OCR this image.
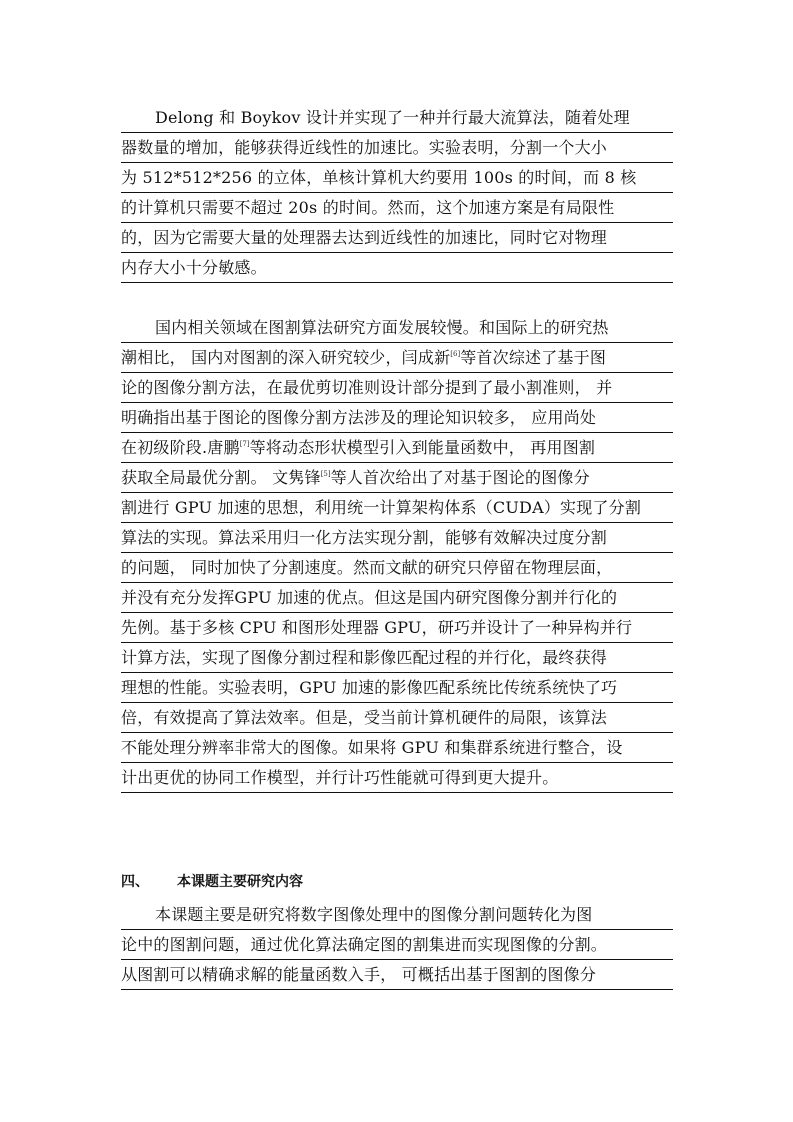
Delong 和 Boykov 设计并实现了一种并行最大流算法，随着处理
器数量的增加，能够获得近线性的加速比。实验表明，分割一个大小
为 512*512*256 的立体，单核计算机大约要用 100s 的时间，而 8 核
的计算机只需要不超过 20s 的时间。然而，这个加速方案是有局限性
的，因为它需要大量的处理器去达到近线性的加速比，同时它对物理
内存大小十分敏感。
国内相关领域在图割算法研究方面发展较慢。和国际上的研究热
潮相比， 国内对图割的深入研究较少，闫成新[6]等首次综述了基于图
论的图像分割方法，在最优剪切准则设计部分提到了最小割准则， 并
明确指出基于图论的图像分割方法涉及的理论知识较多， 应用尚处
在初级阶段.唐鹏[7]等将动态形状模型引入到能量函数中， 再用图割
获取全局最优分割。 文隽锋[5]等人首次给出了对基于图论的图像分
割进行 GPU 加速的思想，利用统一计算架构体系（CUDA）实现了分割
算法的实现。算法采用归一化方法实现分割，能够有效解决过度分割
的问题， 同时加快了分割速度。然而文献的研究只停留在物理层面，
并没有充分发挥GPU 加速的优点。但这是国内研究图像分割并行化的
先例。基于多核 CPU 和图形处理器 GPU，研巧并设计了一种异构并行
计算方法，实现了图像分割过程和影像匹配过程的并行化，最终获得
理想的性能。实验表明，GPU 加速的影像匹配系统比传统系统快了巧
倍，有效提高了算法效率。但是，受当前计算机硬件的局限，该算法
不能处理分辨率非常大的图像。如果将 GPU 和集群系统进行整合，设
计出更优的协同工作模型，并行计巧性能就可得到更大提升。
四、 本课题主要研究内容
本课题主要是研究将数字图像处理中的图像分割问题转化为图
论中的图割问题，通过优化算法确定图的割集进而实现图像的分割。
从图割可以精确求解的能量函数入手， 可概括出基于图割的图像分
